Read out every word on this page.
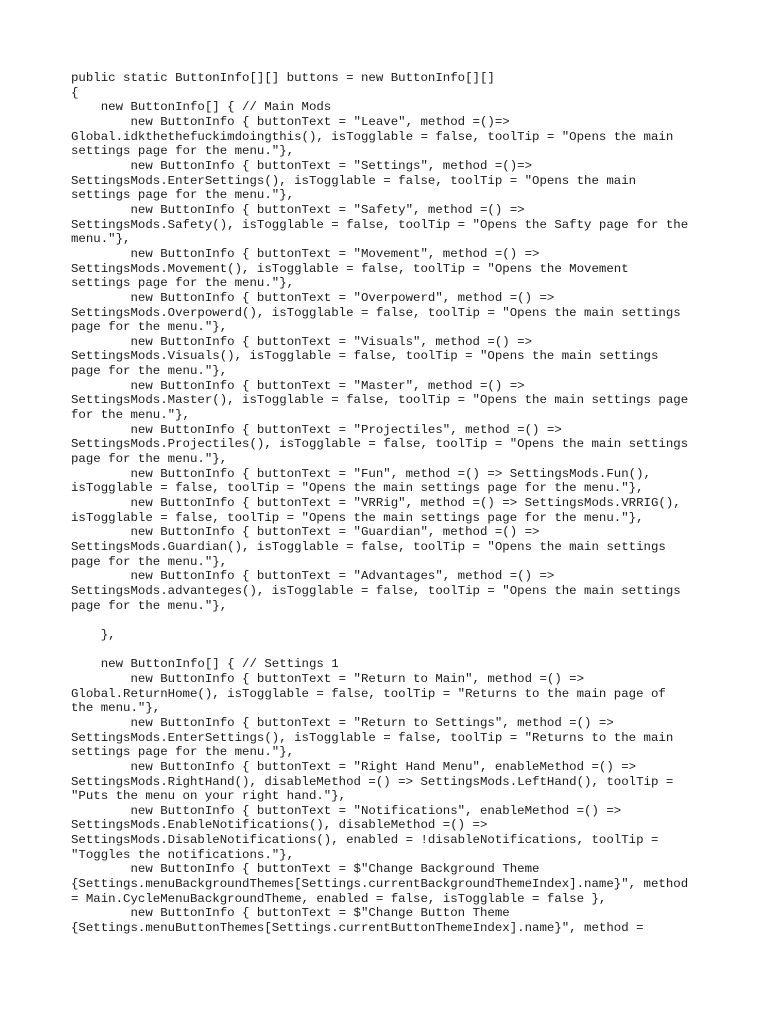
public static ButtonInfo[][] buttons = new ButtonInfo[][]
{
new ButtonInfo[] { // Main Mods
new ButtonInfo { buttonText = "Leave", method =()=>
Global.idkthethefuckimdoingthis(), isTogglable = false, toolTip = "Opens the main
settings page for the menu."},
new ButtonInfo { buttonText = "Settings", method =()=>
SettingsMods.EnterSettings(), isTogglable = false, toolTip = "Opens the main
settings page for the menu."},
new ButtonInfo { buttonText = "Safety", method =() =>
SettingsMods.Safety(), isTogglable = false, toolTip = "Opens the Safty page for the
menu."},
new ButtonInfo { buttonText = "Movement", method =() =>
SettingsMods.Movement(), isTogglable = false, toolTip = "Opens the Movement
settings page for the menu."},
new ButtonInfo { buttonText = "Overpowerd", method =() =>
SettingsMods.Overpowerd(), isTogglable = false, toolTip = "Opens the main settings
page for the menu."},
new ButtonInfo { buttonText = "Visuals", method =() =>
SettingsMods.Visuals(), isTogglable = false, toolTip = "Opens the main settings
page for the menu."},
new ButtonInfo { buttonText = "Master", method =() =>
SettingsMods.Master(), isTogglable = false, toolTip = "Opens the main settings page
for the menu."},
new ButtonInfo { buttonText = "Projectiles", method =() =>
SettingsMods.Projectiles(), isTogglable = false, toolTip = "Opens the main settings
page for the menu."},
new ButtonInfo { buttonText = "Fun", method =() => SettingsMods.Fun(),
isTogglable = false, toolTip = "Opens the main settings page for the menu."},
new ButtonInfo { buttonText = "VRRig", method =() => SettingsMods.VRRIG(),
isTogglable = false, toolTip = "Opens the main settings page for the menu."},
new ButtonInfo { buttonText = "Guardian", method =() =>
SettingsMods.Guardian(), isTogglable = false, toolTip = "Opens the main settings
page for the menu."},
new ButtonInfo { buttonText = "Advantages", method =() =>
SettingsMods.advanteges(), isTogglable = false, toolTip = "Opens the main settings
page for the menu."},
},
new ButtonInfo[] { // Settings 1
new ButtonInfo { buttonText = "Return to Main", method =() =>
Global.ReturnHome(), isTogglable = false, toolTip = "Returns to the main page of
the menu."},
new ButtonInfo { buttonText = "Return to Settings", method =() =>
SettingsMods.EnterSettings(), isTogglable = false, toolTip = "Returns to the main
settings page for the menu."},
new ButtonInfo { buttonText = "Right Hand Menu", enableMethod =() =>
SettingsMods.RightHand(), disableMethod =() => SettingsMods.LeftHand(), toolTip =
"Puts the menu on your right hand."},
new ButtonInfo { buttonText = "Notifications", enableMethod =() =>
SettingsMods.EnableNotifications(), disableMethod =() =>
SettingsMods.DisableNotifications(), enabled = !disableNotifications, toolTip =
"Toggles the notifications."},
new ButtonInfo { buttonText = $"Change Background Theme
{Settings.menuBackgroundThemes[Settings.currentBackgroundThemeIndex].name}", method
= Main.CycleMenuBackgroundTheme, enabled = false, isTogglable = false },
new ButtonInfo { buttonText = $"Change Button Theme
{Settings.menuButtonThemes[Settings.currentButtonThemeIndex].name}", method =
